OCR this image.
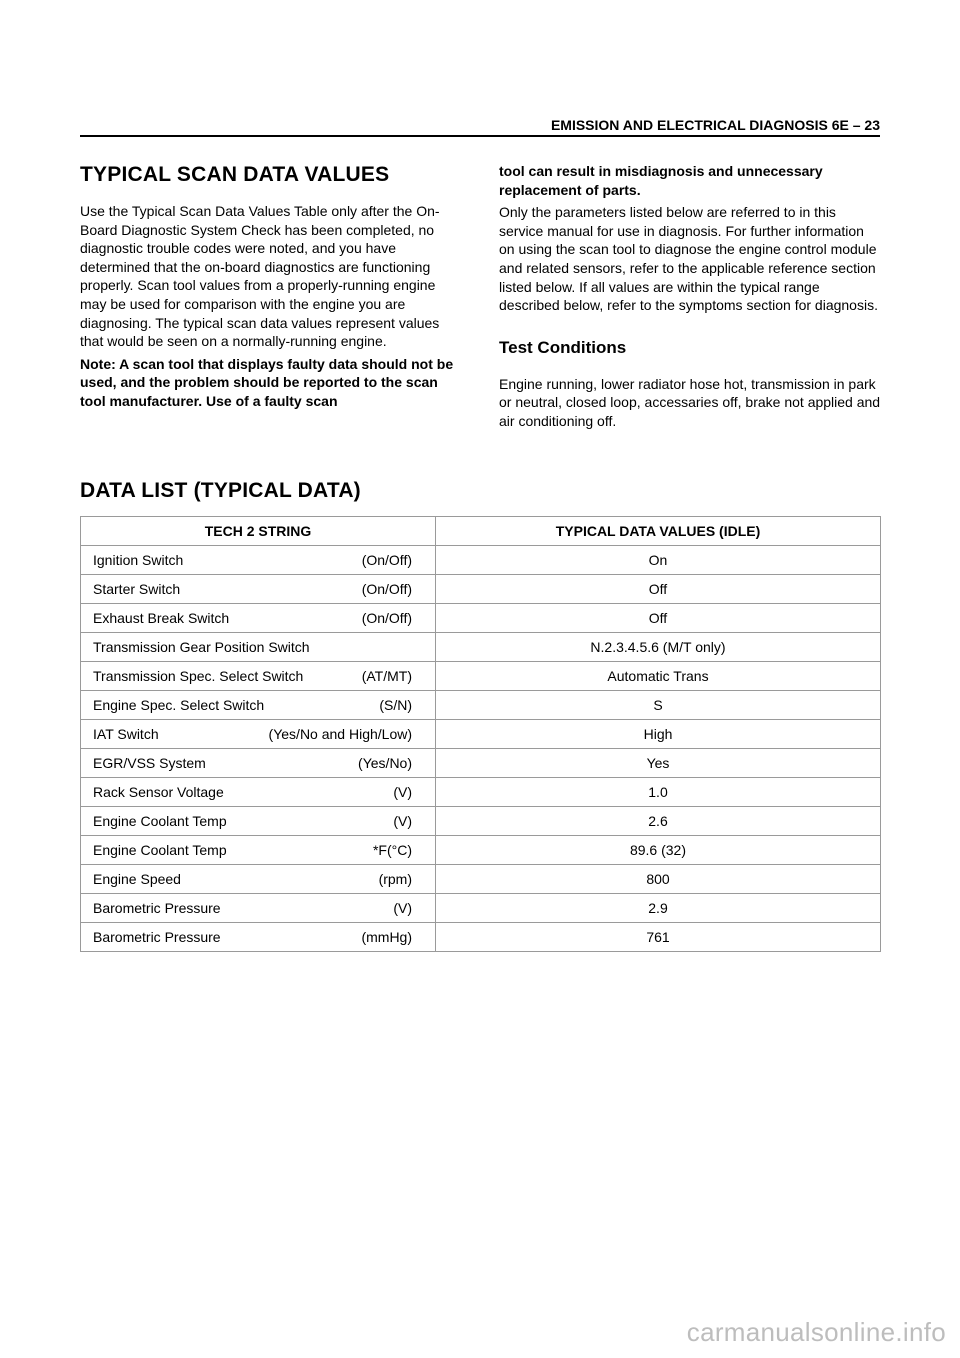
EMISSION AND ELECTRICAL DIAGNOSIS 6E – 23
TYPICAL SCAN DATA VALUES

Use the Typical Scan Data Values Table only after the On-Board Diagnostic System Check has been completed, no diagnostic trouble codes were noted, and you have determined that the on-board diagnostics are functioning properly. Scan tool values from a properly-running engine may be used for comparison with the engine you are diagnosing. The typical scan data values represent values that would be seen on a normally-running engine.

Note: A scan tool that displays faulty data should not be used, and the problem should be reported to the scan tool manufacturer. Use of a faulty scan

tool can result in misdiagnosis and unnecessary replacement of parts.

Only the parameters listed below are referred to in this service manual for use in diagnosis. For further information on using the scan tool to diagnose the engine control module and related sensors, refer to the applicable reference section listed below. If all values are within the typical range described below, refer to the symptoms section for diagnosis.

Test Conditions

Engine running, lower radiator hose hot, transmission in park or neutral, closed loop, accessaries off, brake not applied and air conditioning off.

DATA LIST (TYPICAL DATA)
TECH 2 STRING	TYPICAL DATA VALUES (IDLE)

Ignition Switch (On/Off)	On

Starter Switch (On/Off)	Off

Exhaust Break Switch (On/Off)	Off

Transmission Gear Position Switch	N.2.3.4.5.6 (M/T only)

Transmission Spec. Select Switch (AT/MT)	Automatic Trans

Engine Spec. Select Switch (S/N)	S

IAT Switch (Yes/No and High/Low)	High

EGR/VSS System (Yes/No)	Yes

Rack Sensor Voltage (V)	1.0

Engine Coolant Temp (V)	2.6

Engine Coolant Temp *F(°C)	89.6 (32)

Engine Speed (rpm)	800

Barometric Pressure (V)	2.9

Barometric Pressure (mmHg)	761
carmanualsonline.info
